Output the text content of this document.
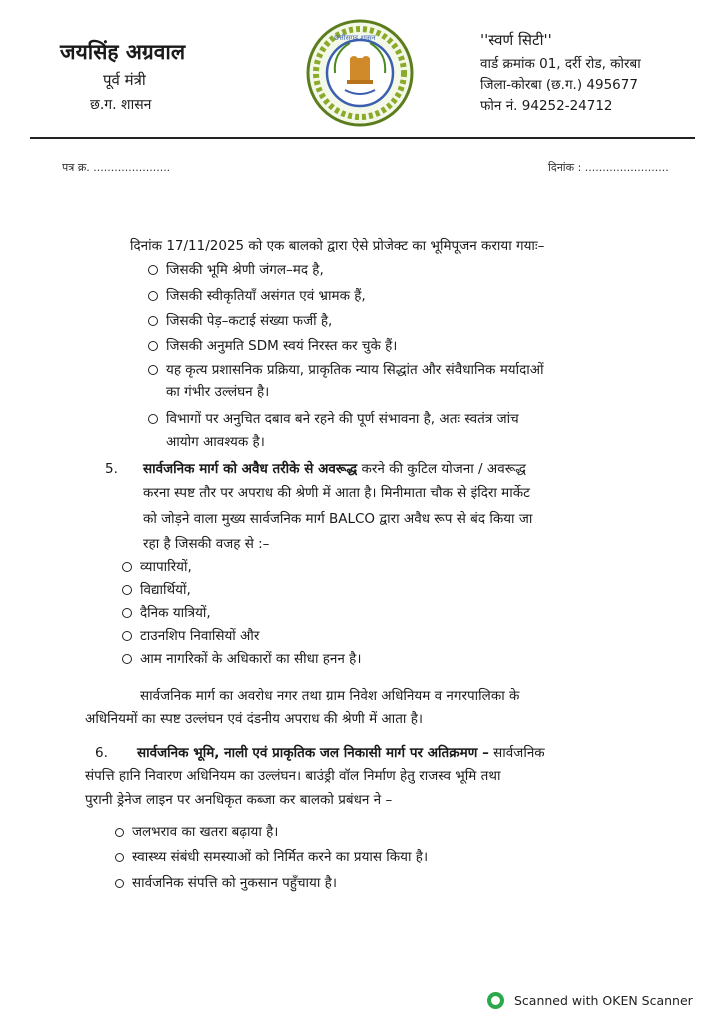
जयसिंह अग्रवाल
पूर्व मंत्री
छ.ग. शासन
छत्तीसगढ़ शासन	''स्वर्ण सिटी''
वार्ड क्रमांक 01, दर्री रोड, कोरबा
जिला-कोरबा (छ.ग.) 495677
फोन नं. 94252-24712
पत्र क्र. ......................	दिनांक : ........................
दिनांक 17/11/2025 को एक बालको द्वारा ऐसे प्रोजेक्ट का भूमिपूजन कराया गयाः–
जिसकी भूमि श्रेणी जंगल–मद है,
जिसकी स्वीकृतियाँ असंगत एवं भ्रामक हैं,
जिसकी पेड़–कटाई संख्या फर्जी है,
जिसकी अनुमति SDM स्वयं निरस्त कर चुके हैं।
यह कृत्य प्रशासनिक प्रक्रिया, प्राकृतिक न्याय सिद्धांत और संवैधानिक मर्यादाओं
का गंभीर उल्लंघन है।
विभागों पर अनुचित दबाव बने रहने की पूर्ण संभावना है, अतः स्वतंत्र जांच
आयोग आवश्यक है।
5. सार्वजनिक मार्ग को अवैध तरीके से अवरूद्ध करने की कुटिल योजना / अवरूद्ध
करना स्पष्ट तौर पर अपराध की श्रेणी में आता है। मिनीमाता चौक से इंदिरा मार्केट
को जोड़ने वाला मुख्य सार्वजनिक मार्ग BALCO द्वारा अवैध रूप से बंद किया जा
रहा है जिसकी वजह से :–
व्यापारियों,
विद्यार्थियों,
दैनिक यात्रियों,
टाउनशिप निवासियों और
आम नागरिकों के अधिकारों का सीधा हनन है।
सार्वजनिक मार्ग का अवरोध नगर तथा ग्राम निवेश अधिनियम व नगरपालिका के
अधिनियमों का स्पष्ट उल्लंघन एवं दंडनीय अपराध की श्रेणी में आता है।
6. सार्वजनिक भूमि, नाली एवं प्राकृतिक जल निकासी मार्ग पर अतिक्रमण – सार्वजनिक
संपत्ति हानि निवारण अधिनियम का उल्लंघन। बाउंड्री वॉल निर्माण हेतु राजस्व भूमि तथा
पुरानी ड्रेनेज लाइन पर अनधिकृत कब्जा कर बालको प्रबंधन ने –
जलभराव का खतरा बढ़ाया है।
स्वास्थ्य संबंधी समस्याओं को निर्मित करने का प्रयास किया है।
सार्वजनिक संपत्ति को नुकसान पहुँचाया है।
Scanned with OKEN Scanner
